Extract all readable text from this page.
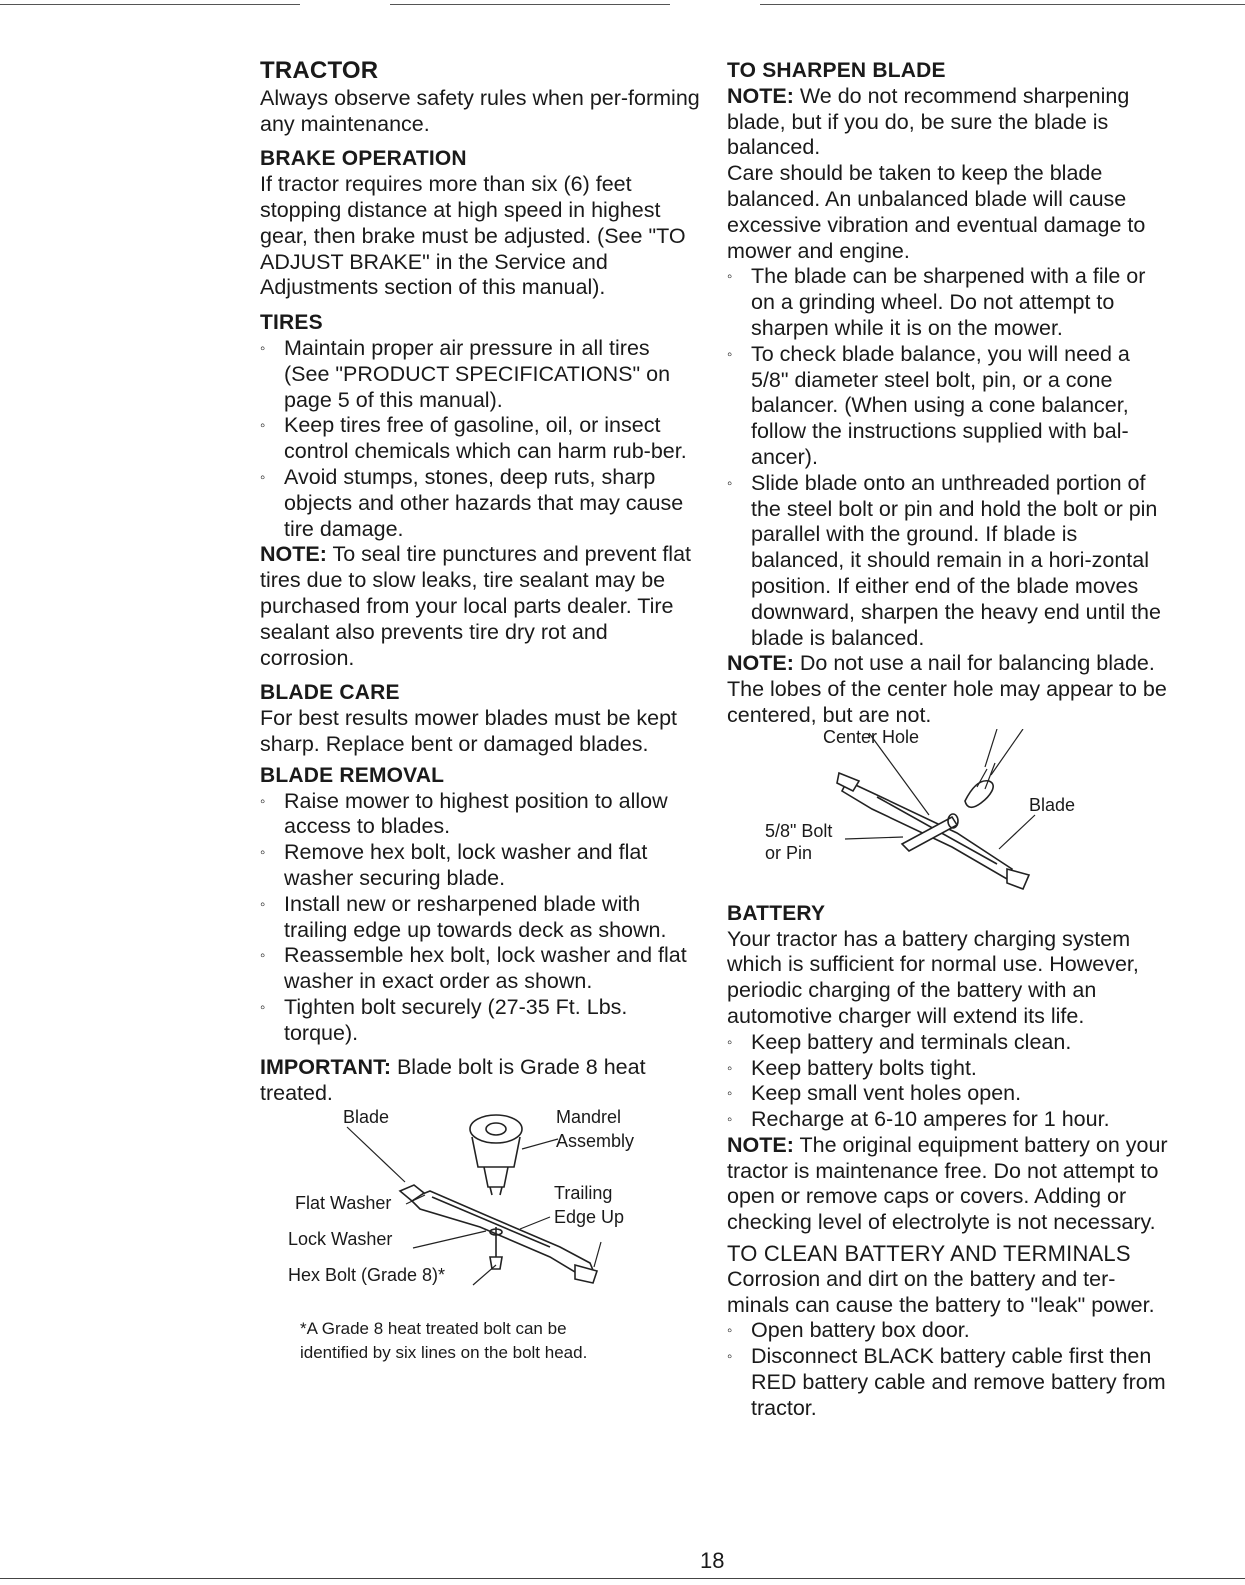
TRACTOR

Always observe safety rules when per-forming any maintenance.

BRAKE OPERATION

If tractor requires more than six (6) feet stopping distance at high speed in highest gear, then brake must be adjusted. (See "TO ADJUST BRAKE" in the Service and Adjustments section of this manual).

TIRES
◦ Maintain proper air pressure in all tires (See "PRODUCT SPECIFICATIONS" on page 5 of this manual).
◦ Keep tires free of gasoline, oil, or insect control chemicals which can harm rub-ber.
◦ Avoid stumps, stones, deep ruts, sharp objects and other hazards that may cause tire damage.

NOTE: To seal tire punctures and prevent flat tires due to slow leaks, tire sealant may be purchased from your local parts dealer. Tire sealant also prevents tire dry rot and corrosion.

BLADE CARE

For best results mower blades must be kept sharp. Replace bent or damaged blades.

BLADE REMOVAL
◦ Raise mower to highest position to allow access to blades.
◦ Remove hex bolt, lock washer and flat washer securing blade.
◦ Install new or resharpened blade with trailing edge up towards deck as shown.
◦ Reassemble hex bolt, lock washer and flat washer in exact order as shown.
◦ Tighten bolt securely (27-35 Ft. Lbs. torque).

IMPORTANT: Blade bolt is Grade 8 heat treated.

Blade	Mandrel
Assembly
Trailing
Edge Up
Flat Washer
Lock Washer
Hex Bolt (Grade 8)*
*A Grade 8 heat treated bolt can be
identified by six lines on the bolt head.
TO SHARPEN BLADE

NOTE: We do not recommend sharpening blade, but if you do, be sure the blade is balanced.

Care should be taken to keep the blade balanced. An unbalanced blade will cause excessive vibration and eventual damage to mower and engine.

◦ The blade can be sharpened with a file or on a grinding wheel. Do not attempt to sharpen while it is on the mower.
◦ To check blade balance, you will need a 5/8" diameter steel bolt, pin, or a cone balancer. (When using a cone balancer, follow the instructions supplied with bal-ancer).
◦ Slide blade onto an unthreaded portion of the steel bolt or pin and hold the bolt or pin parallel with the ground. If blade is balanced, it should remain in a hori-zontal position. If either end of the blade moves downward, sharpen the heavy end until the blade is balanced.

NOTE: Do not use a nail for balancing blade. The lobes of the center hole may appear to be centered, but are not.

Center Hole
Blade
5/8" Bolt
or Pin
BATTERY

Your tractor has a battery charging system which is sufficient for normal use. However, periodic charging of the battery with an automotive charger will extend its life.

◦ Keep battery and terminals clean.
◦ Keep battery bolts tight.
◦ Keep small vent holes open.
◦ Recharge at 6-10 amperes for 1 hour.

NOTE: The original equipment battery on your tractor is maintenance free. Do not attempt to open or remove caps or covers. Adding or checking level of electrolyte is not necessary.

TO CLEAN BATTERY AND TERMINALS

Corrosion and dirt on the battery and ter-minals can cause the battery to "leak" power.

◦ Open battery box door.
◦ Disconnect BLACK battery cable first then RED battery cable and remove battery from tractor.
18
